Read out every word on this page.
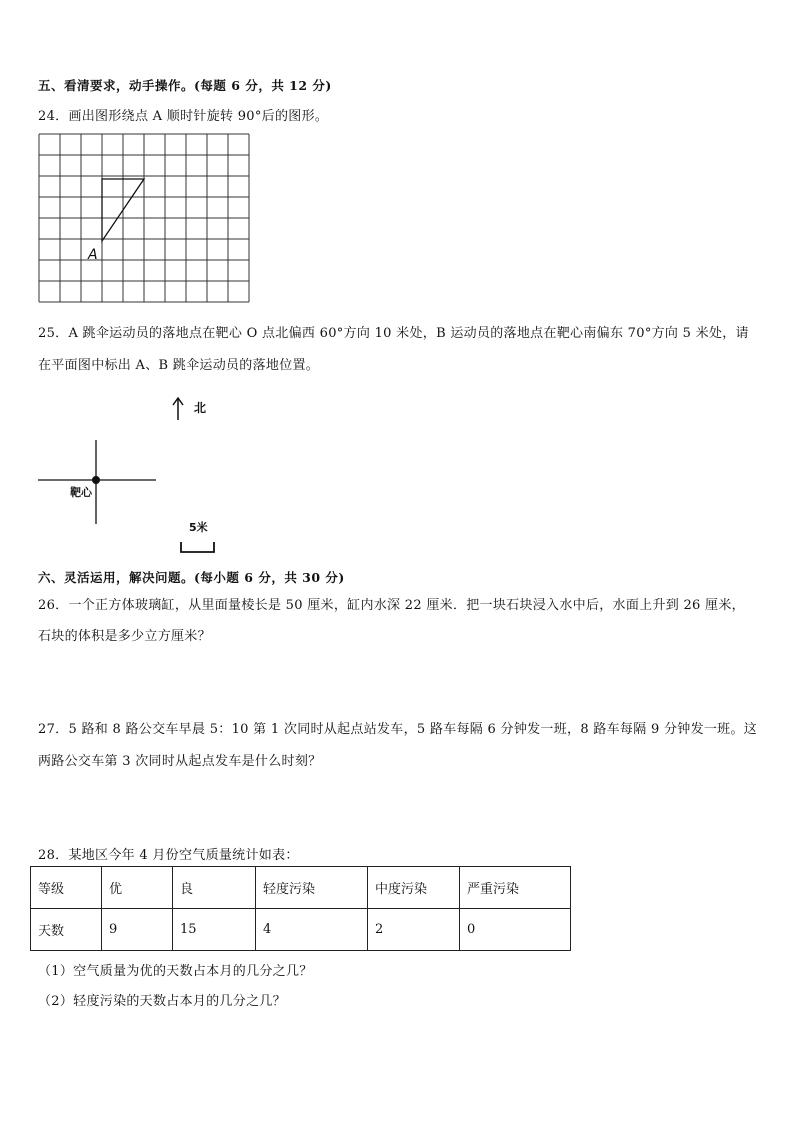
五、看清要求，动手操作。(每题 6 分，共 12 分)
24．画出图形绕点 A 顺时针旋转 90°后的图形。
A
25．A 跳伞运动员的落地点在靶心 O 点北偏西 60°方向 10 米处，B 运动员的落地点在靶心南偏东 70°方向 5 米处，请
在平面图中标出 A、B 跳伞运动员的落地位置。
北
靶心
5米
六、灵活运用，解决问题。(每小题 6 分，共 30 分)
26．一个正方体玻璃缸，从里面量棱长是 50 厘米，缸内水深 22 厘米．把一块石块浸入水中后，水面上升到 26 厘米，
石块的体积是多少立方厘米？
27．5 路和 8 路公交车早晨 5：10 第 1 次同时从起点站发车，5 路车每隔 6 分钟发一班，8 路车每隔 9 分钟发一班。这
两路公交车第 3 次同时从起点发车是什么时刻？
28．某地区今年 4 月份空气质量统计如表：
等级	优	良	轻度污染	中度污染	严重污染
天数	9	15	4	2	0
（1）空气质量为优的天数占本月的几分之几？
（2）轻度污染的天数占本月的几分之几？
